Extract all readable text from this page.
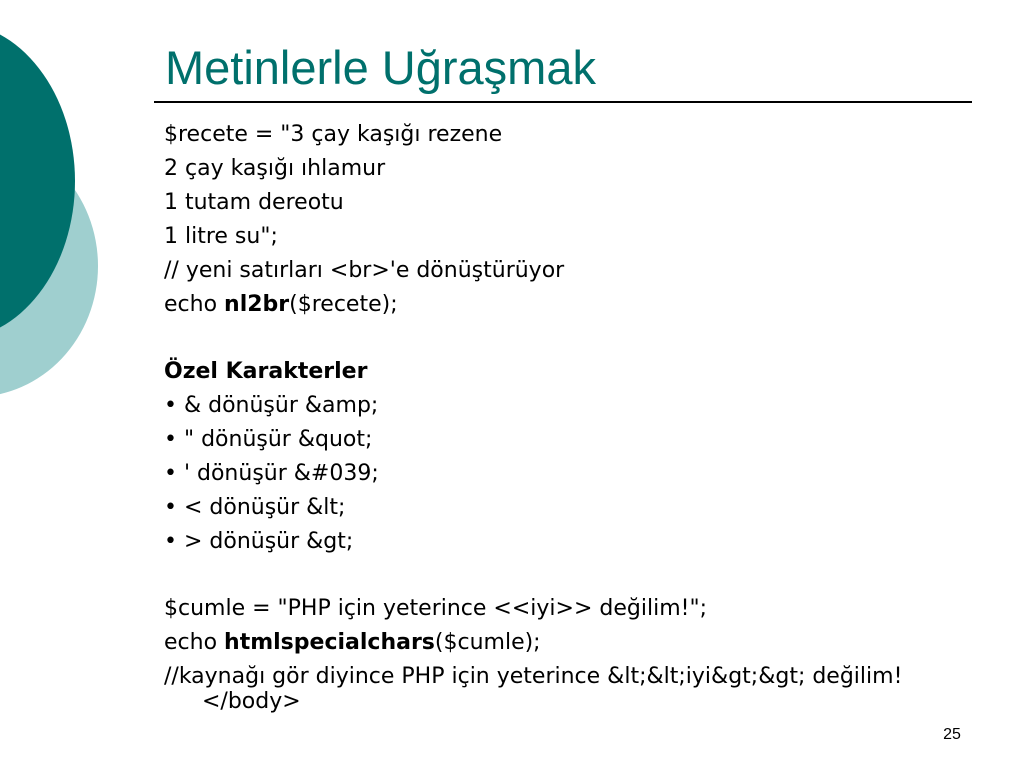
Metinlerle Uğraşmak
$recete = "3 çay kaşığı rezene
2 çay kaşığı ıhlamur
1 tutam dereotu
1 litre su";
// yeni satırları <br>'e dönüştürüyor
echo nl2br($recete);
Özel Karakterler
• & dönüşür &amp;
• " dönüşür &quot;
• ' dönüşür &#039;
• < dönüşür &lt;
• > dönüşür &gt;
$cumle = "PHP için yeterince <<iyi>> değilim!";
echo htmlspecialchars($cumle);
//kaynağı gör diyince PHP için yeterince &lt;&lt;iyi&gt;&gt; değilim!</body>
25
